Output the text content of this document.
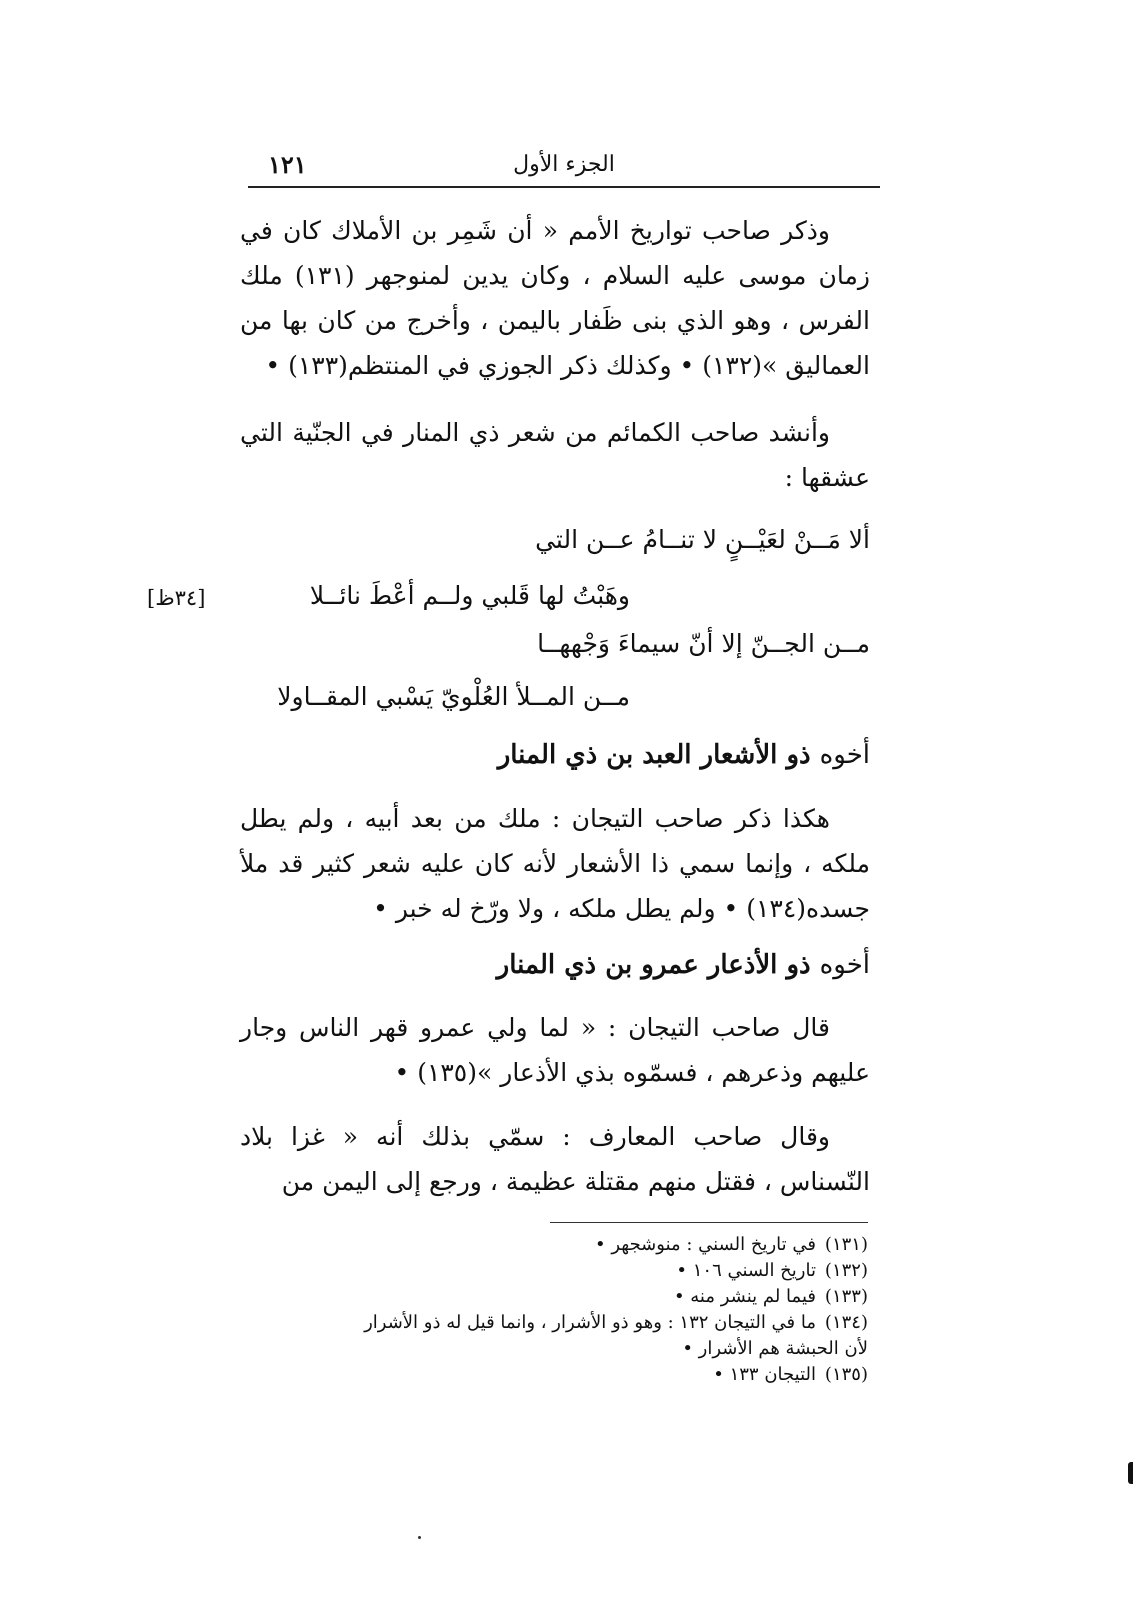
الجزء الأول
١٢١

وذكر صاحب تواريخ الأمم « أن شَمِر بن الأملاك كان في زمان موسى عليه السلام ، وكان يدين لمنوجهر (١٣١) ملك الفرس ، وهو الذي بنى ظَفار باليمن ، وأخرج من كان بها من العماليق »(١٣٢) • وكذلك ذكر الجوزي في المنتظم(١٣٣) •

وأنشد صاحب الكمائم من شعر ذي المنار في الجنّية التي عشقها :

ألا مَــنْ لعَيْــنٍ لا تنــامُ عــن التي
وهَبْتُ لها قَلبي ولــم أعْطَ نائــلا
مــن الجــنّ إلا أنّ سيماءَ وَجْههــا
مــن المــلأ العُلْويّ يَسْبي المقــاولا
أخوه ذو الأشعار العبد بن ذي المنار

هكذا ذكر صاحب التيجان : ملك من بعد أبيه ، ولم يطل ملكه ، وإنما سمي ذا الأشعار لأنه كان عليه شعر كثير قد ملأ جسده(١٣٤) • ولم يطل ملكه ، ولا ورّخ له خبر •

أخوه ذو الأذعار عمرو بن ذي المنار

قال صاحب التيجان : « لما ولي عمرو قهر الناس وجار عليهم وذعرهم ، فسمّوه بذي الأذعار »(١٣٥) •

وقال صاحب المعارف : سمّي بذلك أنه « غزا بلاد النّسناس ، فقتل منهم مقتلة عظيمة ، ورجع إلى اليمن من

[٣٤ظ]

(١٣١)في تاريخ السني : منوشجهر •

(١٣٢)تاريخ السني ١٠٦ •

(١٣٣)فيما لم ينشر منه •

(١٣٤)ما في التيجان ١٣٢ : وهو ذو الأشرار ، وانما قيل له ذو الأشرار

لأن الحبشة هم الأشرار •

(١٣٥)التيجان ١٣٣ •
